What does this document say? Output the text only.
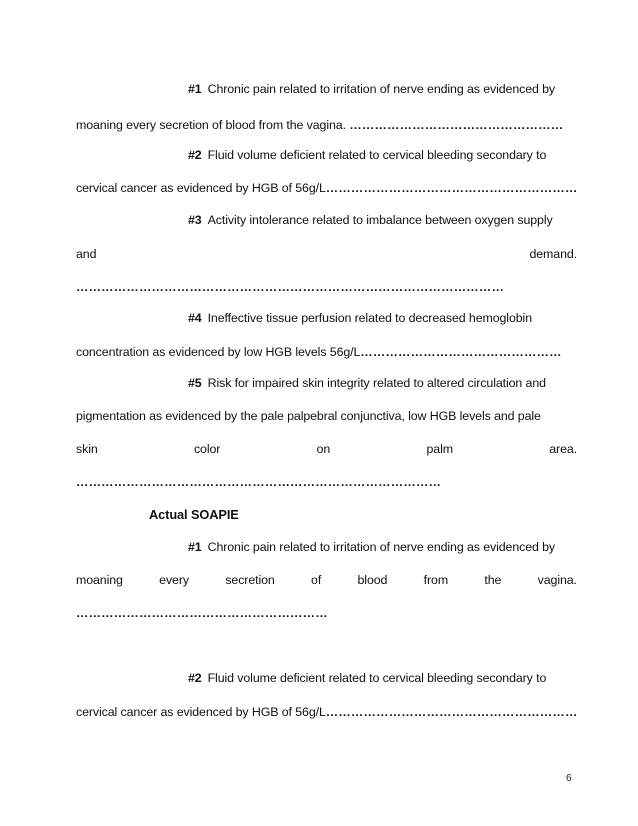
#1 Chronic pain related to irritation of nerve ending as evidenced by
moaning every secretion of blood from the vagina. ……………………………………………
#2 Fluid volume deficient related to cervical bleeding secondary to
cervical cancer as evidenced by HGB of 56g/L……………………………………………………
#3 Activity intolerance related to imbalance between oxygen supply
and	demand.
…………………………………………………………………………………………
#4 Ineffective tissue perfusion related to decreased hemoglobin
concentration as evidenced by low HGB levels 56g/L…………………………………………
#5 Risk for impaired skin integrity related to altered circulation and
pigmentation as evidenced by the pale palpebral conjunctiva, low HGB levels and pale
skin	color	on	palm	area.
……………………………………………………………………………
Actual SOAPIE
#1 Chronic pain related to irritation of nerve ending as evidenced by
moaning	every	secretion	of	blood	from	the	vagina.
……………………………………………………
#2 Fluid volume deficient related to cervical bleeding secondary to
cervical cancer as evidenced by HGB of 56g/L……………………………………………………
6
